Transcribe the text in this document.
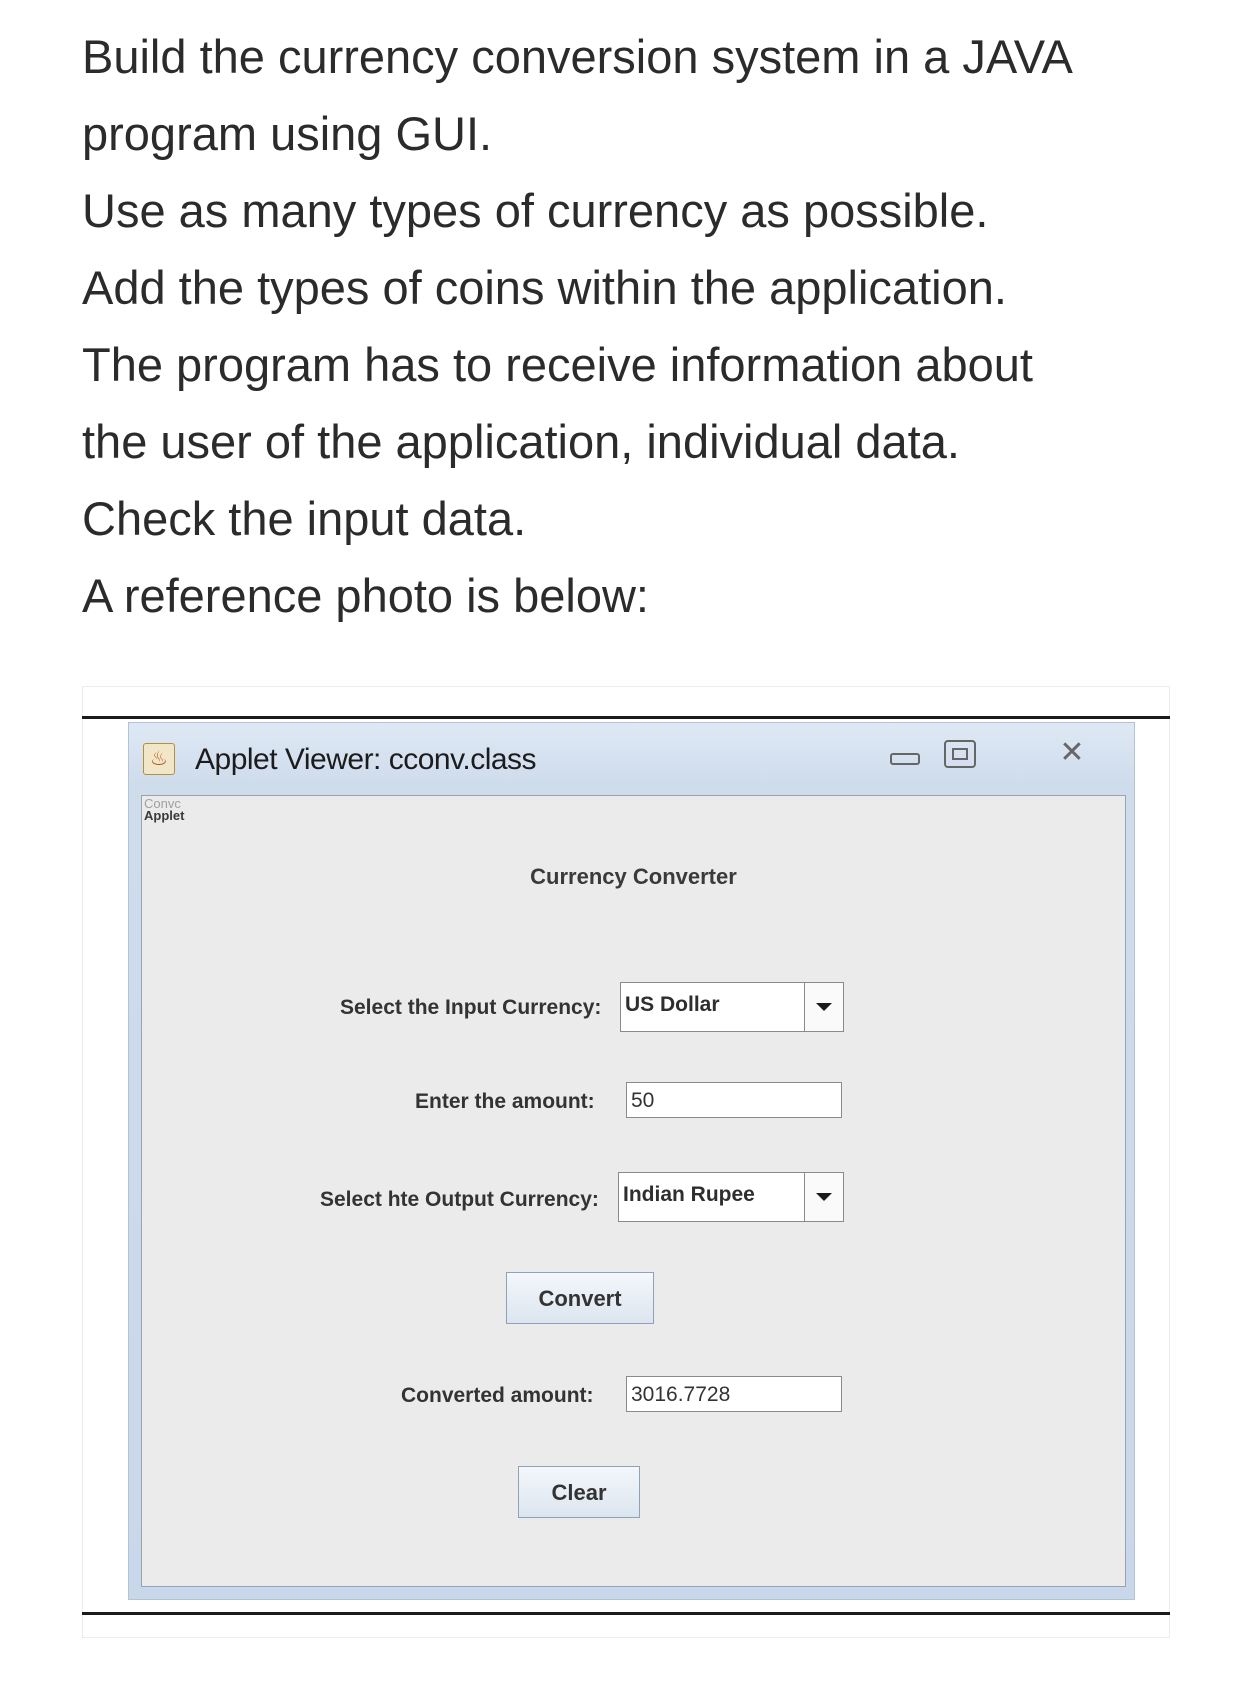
Build the currency conversion system in a JAVA
program using GUI.
Use as many types of currency as possible.
Add the types of coins within the application.
The program has to receive information about
the user of the application, individual data.
Check the input data.
A reference photo is below:
♨ Applet Viewer: cconv.class	✕
Convc
Applet
Currency Converter
Select the Input Currency: US Dollar
Enter the amount: 50
Select hte Output Currency: Indian Rupee
Convert
Converted amount: 3016.7728
Clear
